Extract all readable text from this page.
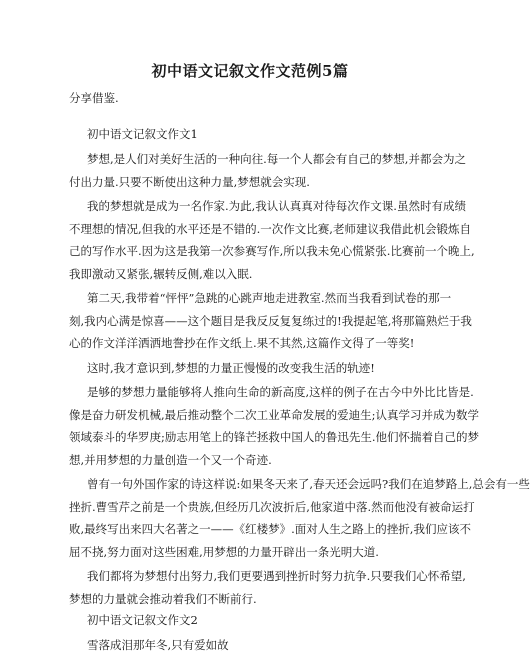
初中语文记叙文作文范例5篇
分享借鉴.
初中语文记叙文作文1
梦想,是人们对美好生活的一种向往.每一个人都会有自己的梦想,并都会为之
付出力量.只要不断使出这种力量,梦想就会实现.
我的梦想就是成为一名作家.为此,我认认真真对待每次作文课.虽然时有成绩
不理想的情况,但我的水平还是不错的.一次作文比赛,老师建议我借此机会锻炼自
己的写作水平.因为这是我第一次参赛写作,所以我未免心慌紧张.比赛前一个晚上,
我即激动又紧张,辗转反侧,难以入眠.
第二天,我带着“怦怦”急跳的心跳声地走进教室.然而当我看到试卷的那一
刻,我内心满是惊喜——这个题目是我反反复复练过的!我提起笔,将那篇熟烂于我
心的作文洋洋洒洒地誊抄在作文纸上.果不其然,这篇作文得了一等奖!
这时,我才意识到,梦想的力量正慢慢的改变我生活的轨迹!
是够的梦想力量能够将人推向生命的新高度,这样的例子在古今中外比比皆是.
像是奋力研发机械,最后推动整个二次工业革命发展的爱迪生;认真学习并成为数学
领域泰斗的华罗庚;励志用笔上的锋芒拯救中国人的鲁迅先生.他们怀揣着自己的梦
想,并用梦想的力量创造一个又一个奇迹.
曾有一句外国作家的诗这样说:如果冬天来了,春天还会远吗?我们在追梦路上,总会有一些
挫折.曹雪芹之前是一个贵族,但经历几次波折后,他家道中落.然而他没有被命运打
败,最终写出来四大名著之一——《红楼梦》.面对人生之路上的挫折,我们应该不
屈不挠,努力面对这些困难,用梦想的力量开辟出一条光明大道.
我们都将为梦想付出努力,我们更要遇到挫折时努力抗争.只要我们心怀希望,
梦想的力量就会推动着我们不断前行.
初中语文记叙文作文2
雪落成泪那年冬,只有爱如故
